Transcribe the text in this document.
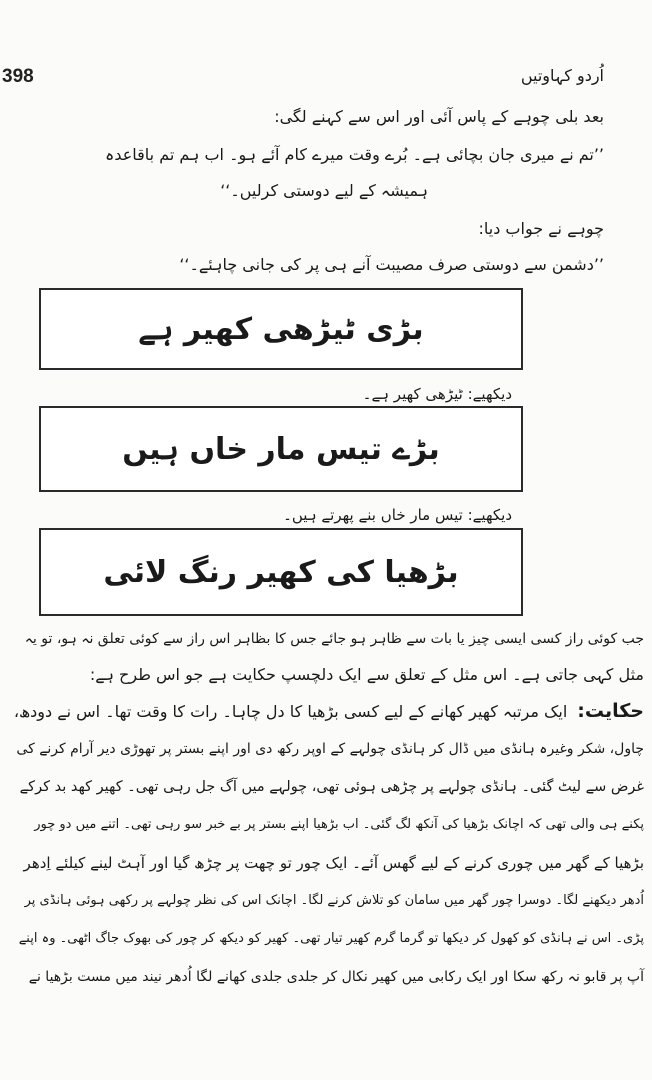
398	اُردو کہاوتیں
بعد بلی چوہے کے پاس آئی اور اس سے کہنے لگی:
’’تم نے میری جان بچائی ہے۔ بُرے وقت میرے کام آئے ہو۔ اب ہم تم باقاعدہ
ہمیشہ کے لیے دوستی کرلیں۔‘‘
چوہے نے جواب دیا:
’’دشمن سے دوستی صرف مصیبت آنے ہی پر کی جانی چاہئے۔‘‘
بڑی ٹیڑھی کھیر ہے
دیکھیے: ٹیڑھی کھیر ہے۔
بڑے تیس مار خاں ہیں
دیکھیے: تیس مار خاں بنے پھرتے ہیں۔
بڑھیا کی کھیر رنگ لائی
جب کوئی راز کسی ایسی چیز یا بات سے ظاہر ہو جائے جس کا بظاہر اس راز سے کوئی تعلق نہ ہو، تو یہ
مثل کہی جاتی ہے۔ اس مثل کے تعلق سے ایک دلچسپ حکایت ہے جو اس طرح ہے:
حکایت:ایک مرتبہ کھیر کھانے کے لیے کسی بڑھیا کا دل چاہا۔ رات کا وقت تھا۔ اس نے دودھ،
چاول، شکر وغیرہ ہانڈی میں ڈال کر ہانڈی چولہے کے اوپر رکھ دی اور اپنے بستر پر تھوڑی دیر آرام کرنے کی
غرض سے لیٹ گئی۔ ہانڈی چولہے پر چڑھی ہوئی تھی، چولہے میں آگ جل رہی تھی۔ کھیر کھد بد کرکے
پکنے ہی والی تھی کہ اچانک بڑھیا کی آنکھ لگ گئی۔ اب بڑھیا اپنے بستر پر بے خبر سو رہی تھی۔ اتنے میں دو چور
بڑھیا کے گھر میں چوری کرنے کے لیے گھس آئے۔ ایک چور تو چھت پر چڑھ گیا اور آہٹ لینے کیلئے اِدھر
اُدھر دیکھنے لگا۔ دوسرا چور گھر میں سامان کو تلاش کرنے لگا۔ اچانک اس کی نظر چولہے پر رکھی ہوئی ہانڈی پر
پڑی۔ اس نے ہانڈی کو کھول کر دیکھا تو گرما گرم کھیر تیار تھی۔ کھیر کو دیکھ کر چور کی بھوک جاگ اٹھی۔ وہ اپنے
آپ پر قابو نہ رکھ سکا اور ایک رکابی میں کھیر نکال کر جلدی جلدی کھانے لگا اُدھر نیند میں مست بڑھیا نے
